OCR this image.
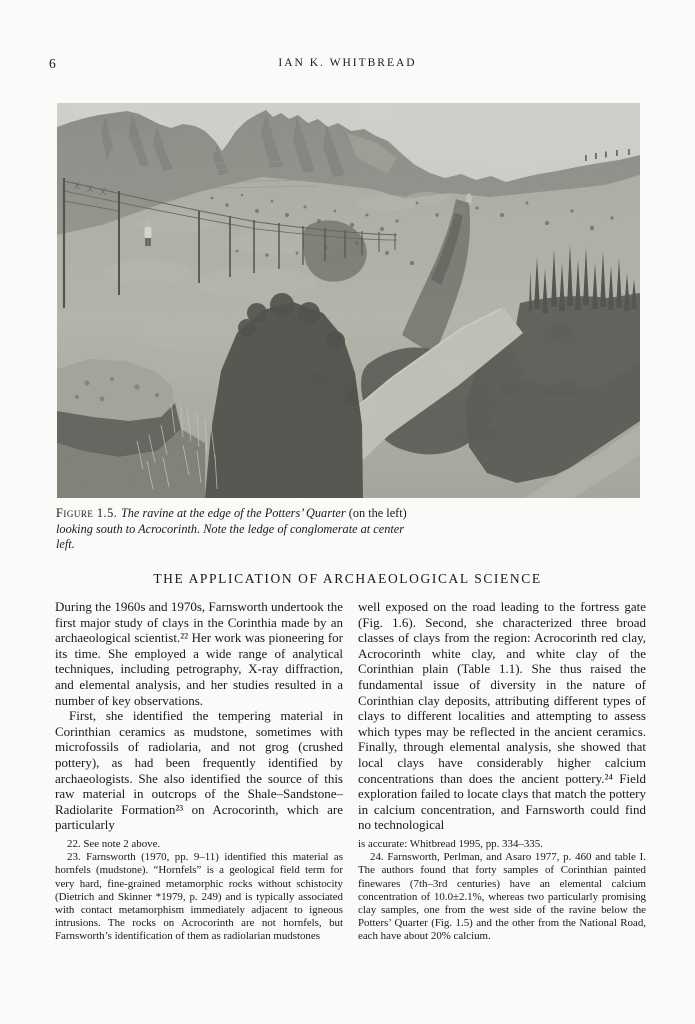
6	IAN K. WHITBREAD

Figure 1.5. The ravine at the edge of the Potters’ Quarter (on the left) looking south to Acrocorinth. Note the ledge of conglomerate at center left.

THE APPLICATION OF ARCHAEOLOGICAL SCIENCE

During the 1960s and 1970s, Farnsworth undertook the first major study of clays in the Corinthia made by an archaeological scientist.²² Her work was pioneering for its time. She employed a wide range of analytical techniques, including petrography, X-ray diffraction, and elemental analysis, and her studies resulted in a number of key observations.

First, she identified the tempering material in Corinthian ceramics as mudstone, sometimes with microfossils of radiolaria, and not grog (crushed pottery), as had been frequently identified by archaeologists. She also identified the source of this raw material in outcrops of the Shale–Sandstone–Radiolarite Formation²³ on Acrocorinth, which are particularly

well exposed on the road leading to the fortress gate (Fig. 1.6). Second, she characterized three broad classes of clays from the region: Acrocorinth red clay, Acrocorinth white clay, and white clay of the Corinthian plain (Table 1.1). She thus raised the fundamental issue of diversity in the nature of Corinthian clay deposits, attributing different types of clays to different localities and attempting to assess which types may be reflected in the ancient ceramics. Finally, through elemental analysis, she showed that local clays have considerably higher calcium concentrations than does the ancient pottery.²⁴ Field exploration failed to locate clays that match the pottery in calcium concentration, and Farnsworth could find no technological

22. See note 2 above.

23. Farnsworth (1970, pp. 9–11) identified this material as hornfels (mudstone). “Hornfels” is a geological field term for very hard, fine-grained metamorphic rocks without schistocity (Dietrich and Skinner *1979, p. 249) and is typically associated with contact metamorphism immediately adjacent to igneous intrusions. The rocks on Acrocorinth are not hornfels, but Farnsworth’s identification of them as radiolarian mudstones

is accurate: Whitbread 1995, pp. 334–335.

24. Farnsworth, Perlman, and Asaro 1977, p. 460 and table I. The authors found that forty samples of Corinthian painted finewares (7th–3rd centuries) have an elemental calcium concentration of 10.0±2.1%, whereas two particularly promising clay samples, one from the west side of the ravine below the Potters’ Quarter (Fig. 1.5) and the other from the National Road, each have about 20% calcium.
